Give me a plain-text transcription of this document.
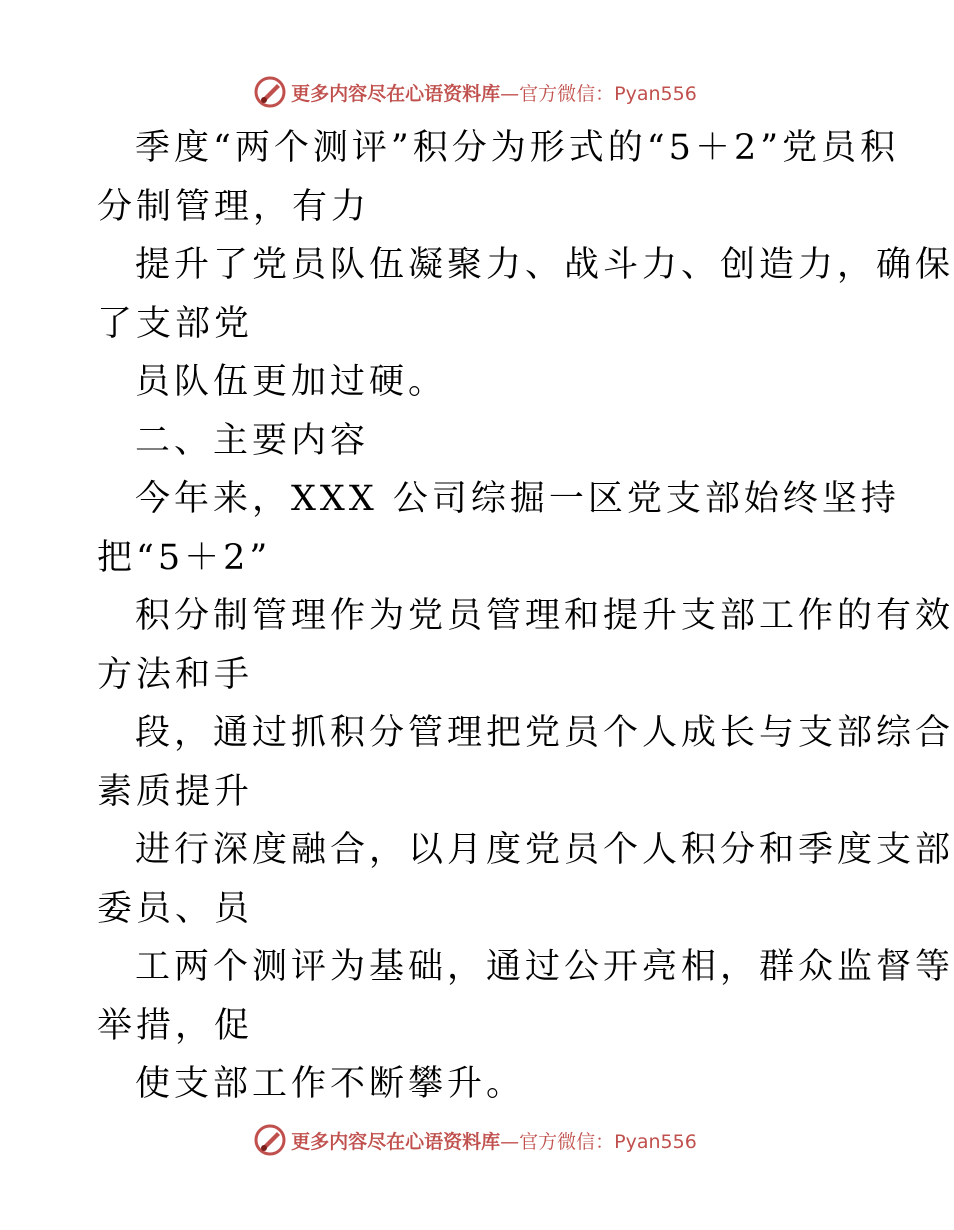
更多内容尽在心语资料库—官方微信：Pyan556
季度“两个测评”积分为形式的“5＋2”党员积
分制管理，有力
提升了党员队伍凝聚力、战斗力、创造力，确保
了支部党
员队伍更加过硬。
二、主要内容
今年来，XXX 公司综掘一区党支部始终坚持
把“5＋2”
积分制管理作为党员管理和提升支部工作的有效
方法和手
段，通过抓积分管理把党员个人成长与支部综合
素质提升
进行深度融合，以月度党员个人积分和季度支部
委员、员
工两个测评为基础，通过公开亮相，群众监督等
举措，促
使支部工作不断攀升。
更多内容尽在心语资料库—官方微信：Pyan556
